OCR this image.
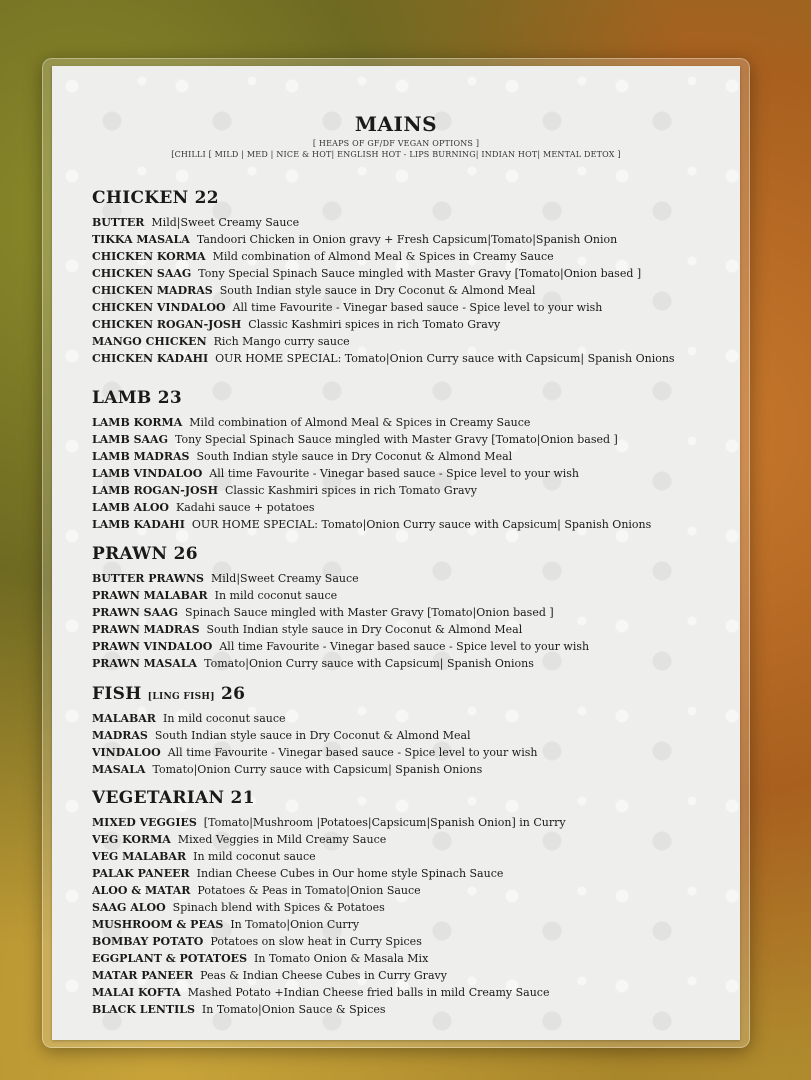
MAINS
[ HEAPS OF GF/DF VEGAN OPTIONS ]
[CHILLI [ MILD | MED | NICE & HOT| ENGLISH HOT - LIPS BURNING| INDIAN HOT| MENTAL DETOX ]
CHICKEN 22
BUTTER Mild|Sweet Creamy Sauce
TIKKA MASALA Tandoori Chicken in Onion gravy + Fresh Capsicum|Tomato|Spanish Onion
CHICKEN KORMA Mild combination of Almond Meal & Spices in Creamy Sauce
CHICKEN SAAG Tony Special Spinach Sauce mingled with Master Gravy [Tomato|Onion based ]
CHICKEN MADRAS South Indian style sauce in Dry Coconut & Almond Meal
CHICKEN VINDALOO All time Favourite - Vinegar based sauce - Spice level to your wish
CHICKEN ROGAN-JOSH Classic Kashmiri spices in rich Tomato Gravy
MANGO CHICKEN Rich Mango curry sauce
CHICKEN KADAHI OUR HOME SPECIAL: Tomato|Onion Curry sauce with Capsicum| Spanish Onions
LAMB 23
LAMB KORMA Mild combination of Almond Meal & Spices in Creamy Sauce
LAMB SAAG Tony Special Spinach Sauce mingled with Master Gravy [Tomato|Onion based ]
LAMB MADRAS South Indian style sauce in Dry Coconut & Almond Meal
LAMB VINDALOO All time Favourite - Vinegar based sauce - Spice level to your wish
LAMB ROGAN-JOSH Classic Kashmiri spices in rich Tomato Gravy
LAMB ALOO Kadahi sauce + potatoes
LAMB KADAHI OUR HOME SPECIAL: Tomato|Onion Curry sauce with Capsicum| Spanish Onions
PRAWN 26
BUTTER PRAWNS Mild|Sweet Creamy Sauce
PRAWN MALABAR In mild coconut sauce
PRAWN SAAG Spinach Sauce mingled with Master Gravy [Tomato|Onion based ]
PRAWN MADRAS South Indian style sauce in Dry Coconut & Almond Meal
PRAWN VINDALOO All time Favourite - Vinegar based sauce - Spice level to your wish
PRAWN MASALA Tomato|Onion Curry sauce with Capsicum| Spanish Onions
FISH [LING FISH] 26
MALABAR In mild coconut sauce
MADRAS South Indian style sauce in Dry Coconut & Almond Meal
VINDALOO All time Favourite - Vinegar based sauce - Spice level to your wish
MASALA Tomato|Onion Curry sauce with Capsicum| Spanish Onions
VEGETARIAN 21
MIXED VEGGIES [Tomato|Mushroom |Potatoes|Capsicum|Spanish Onion] in Curry
VEG KORMA Mixed Veggies in Mild Creamy Sauce
VEG MALABAR In mild coconut sauce
PALAK PANEER Indian Cheese Cubes in Our home style Spinach Sauce
ALOO & MATAR Potatoes & Peas in Tomato|Onion Sauce
SAAG ALOO Spinach blend with Spices & Potatoes
MUSHROOM & PEAS In Tomato|Onion Curry
BOMBAY POTATO Potatoes on slow heat in Curry Spices
EGGPLANT & POTATOES In Tomato Onion & Masala Mix
MATAR PANEER Peas & Indian Cheese Cubes in Curry Gravy
MALAI KOFTA Mashed Potato +Indian Cheese fried balls in mild Creamy Sauce
BLACK LENTILS In Tomato|Onion Sauce & Spices
